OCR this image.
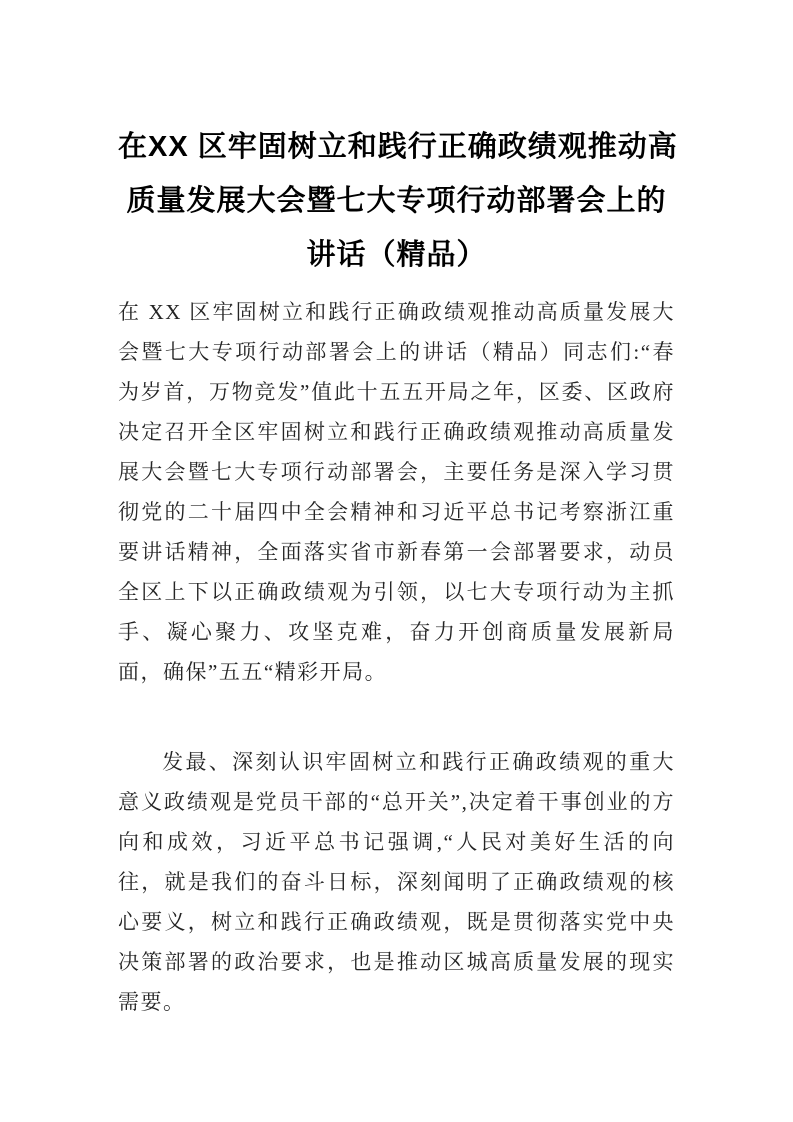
在XX 区牢固树立和践行正确政绩观推动高
质量发展大会暨七大专项行动部署会上的
讲话（精品）

在 XX 区牢固树立和践行正确政绩观推动高质量发展大会暨七大专项行动部署会上的讲话（精品）同志们:“春为岁首，万物竞发”值此十五五开局之年，区委、区政府决定召开全区牢固树立和践行正确政绩观推动高质量发展大会暨七大专项行动部署会，主要任务是深入学习贯彻党的二十届四中全会精神和习近平总书记考察浙江重要讲话精神，全面落实省市新春第一会部署要求，动员全区上下以正确政绩观为引领，以七大专项行动为主抓手、凝心聚力、攻坚克难，奋力开创商质量发展新局面，确保”五五“精彩开局。

发最、深刻认识牢固树立和践行正确政绩观的重大意义政绩观是党员干部的“总开关”,决定着干事创业的方向和成效，习近平总书记强调,“人民对美好生活的向往，就是我们的奋斗日标，深刻闻明了正确政绩观的核心要义，树立和践行正确政绩观，既是贯彻落实党中央决策部署的政治要求，也是推动区城高质量发展的现实需要。
